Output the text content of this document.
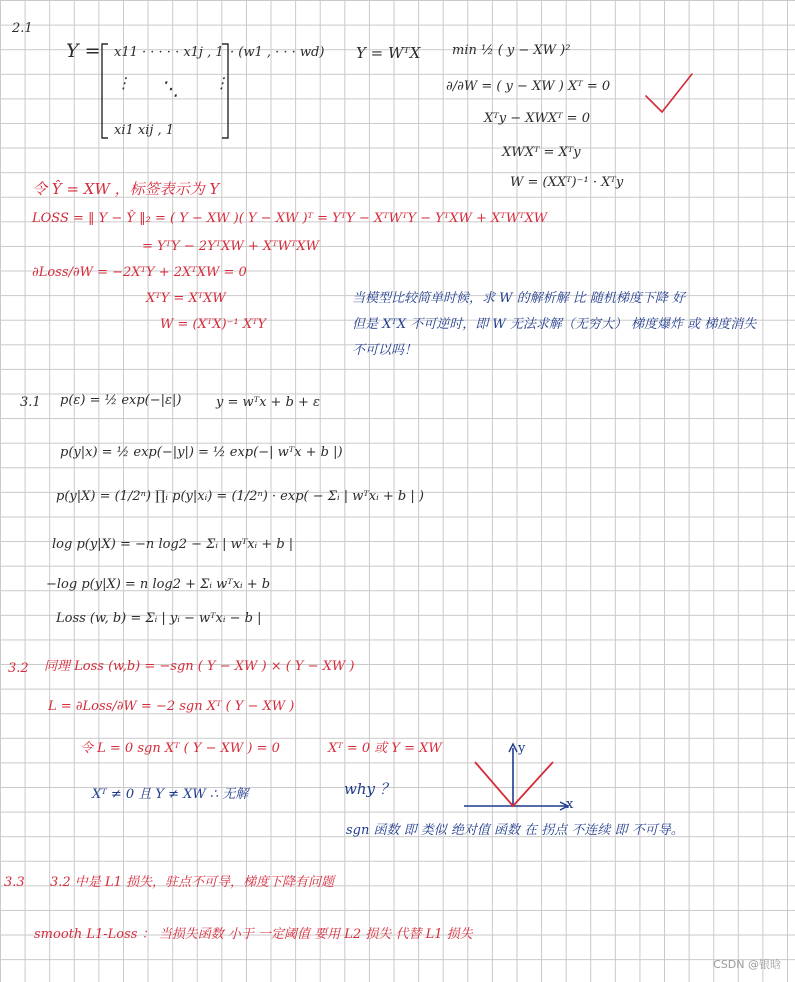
2.1
Y = x11 · · · · · x1j , 1
⋮ ⋱ ⋮
xi1 xij , 1
· (w1 , · · · wd) Y = WᵀX min ½ ( y − XW )²
∂/∂W = ( y − XW ) Xᵀ = 0
Xᵀy − XWXᵀ = 0
XWXᵀ = Xᵀy
W = (XXᵀ)⁻¹ · Xᵀy
令 Ŷ = XW ，标签表示为 Y
LOSS = ‖ Y − Ŷ ‖₂ = ( Y − XW )( Y − XW )ᵀ = YᵀY − XᵀWᵀY − YᵀXW + XᵀWᵀXW
= YᵀY − 2YᵀXW + XᵀWᵀXW
∂Loss/∂W = −2XᵀY + 2XᵀXW = 0
XᵀY = XᵀXW
W = (XᵀX)⁻¹ XᵀY
当模型比较简单时候，求 W 的解析解 比 随机梯度下降 好
但是 XᵀX 不可逆时，即 W 无法求解（无穷大） 梯度爆炸 或 梯度消失
不可以吗！
3.1 p(ε) = ½ exp(−|ε|)	y = wᵀx + b + ε
p(y|x) = ½ exp(−|y|) = ½ exp(−| wᵀx + b |)
p(y|X) = (1/2ⁿ) ∏ᵢ p(y|xᵢ) = (1/2ⁿ) · exp( − Σᵢ | wᵀxᵢ + b | )
log p(y|X) = −n log2 − Σᵢ | wᵀxᵢ + b |
−log p(y|X) = n log2 + Σᵢ wᵀxᵢ + b
Loss (w, b) = Σᵢ | yᵢ − wᵀxᵢ − b |
3.2 同理 Loss (w,b) = −sgn ( Y − XW ) × ( Y − XW )
L = ∂Loss/∂W = −2 sgn Xᵀ ( Y − XW )
令 L = 0 sgn Xᵀ ( Y − XW ) = 0	Xᵀ = 0 或 Y = XW
Xᵀ ≠ 0 且 Y ≠ XW ∴ 无解	why ？
sgn 函数 即 类似 绝对值 函数 在 拐点 不连续 即 不可导。
y
x
3.3 3.2 中是 L1 损失，驻点不可导，梯度下降有问题
smooth L1-Loss ： 当损失函数 小于 一定阈值 要用 L2 损失 代替 L1 损失
CSDN @银晗
